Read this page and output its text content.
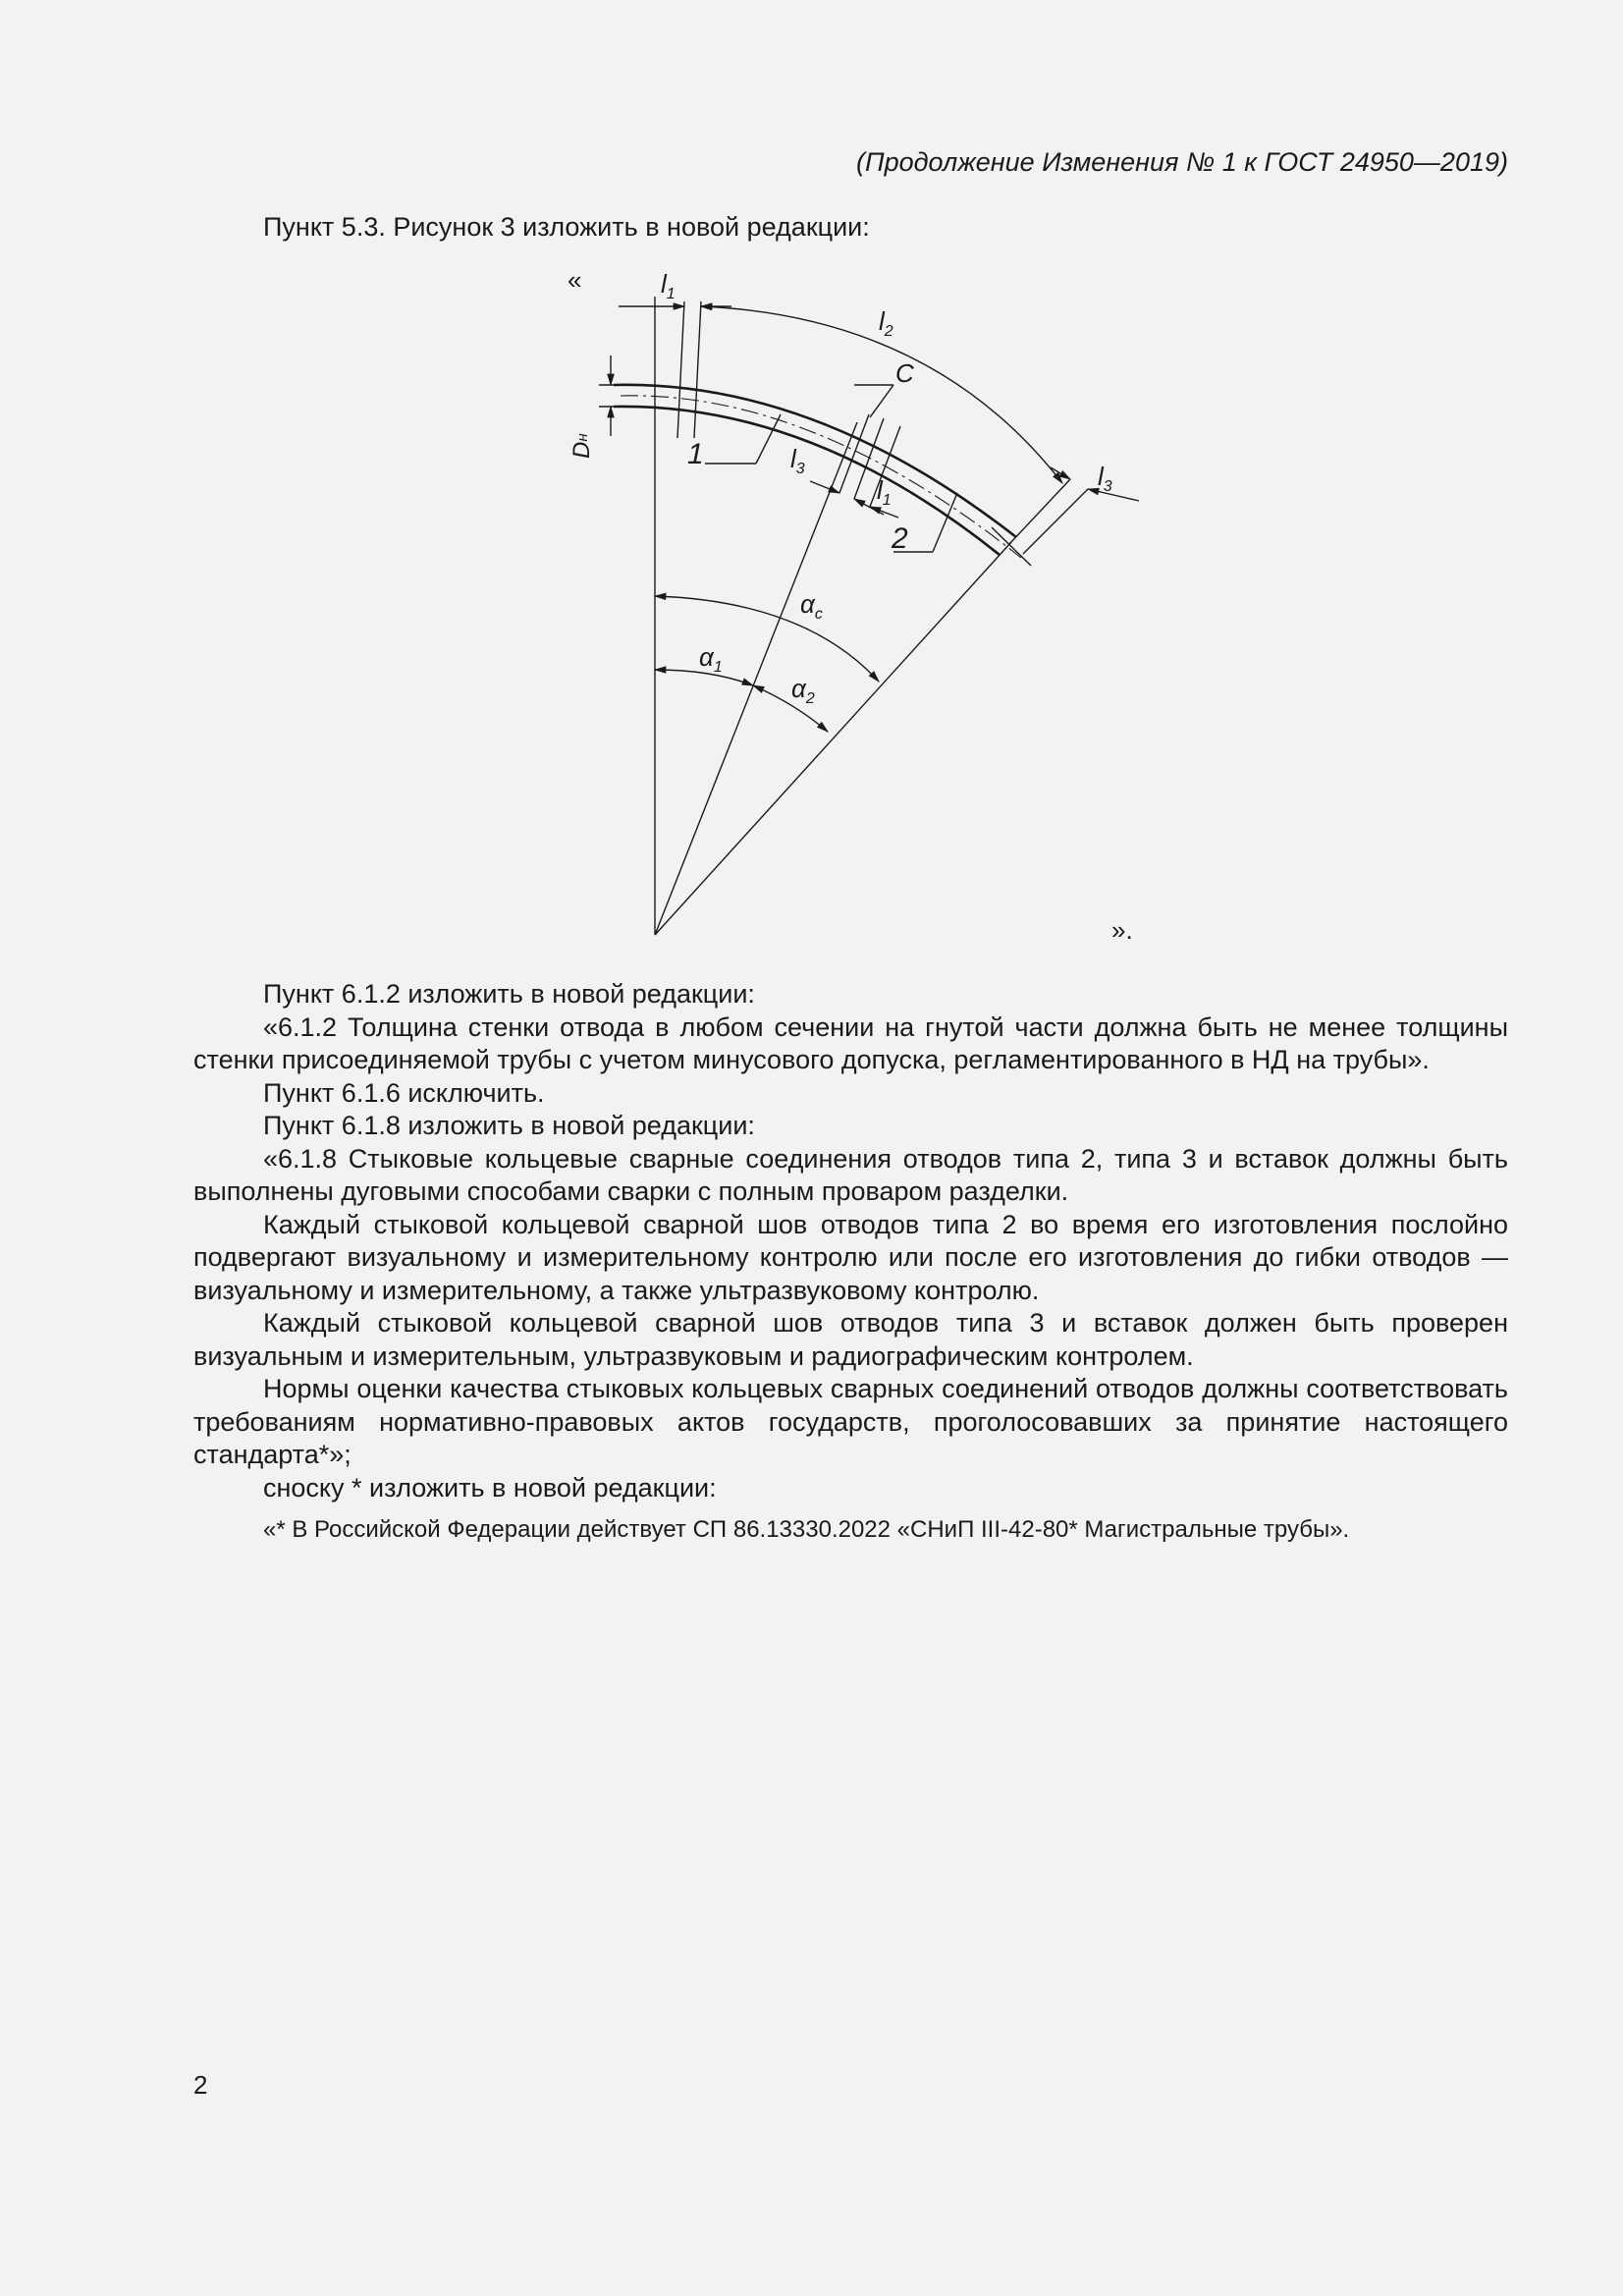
(Продолжение Изменения № 1 к ГОСТ 24950—2019)
Пункт 5.3. Рисунок 3 изложить в новой редакции:
«
».
$l_1$
$l_2$
C
Dн
1
2
$l_3$
$l_1$
$l_3$
$\alpha_c$
$\alpha_1$
$\alpha_2$

Пункт 6.1.2 изложить в новой редакции:

«6.1.2 Толщина стенки отвода в любом сечении на гнутой части должна быть не менее толщины стенки присоединяемой трубы с учетом минусового допуска, регламентированного в НД на трубы».

Пункт 6.1.6 исключить.

Пункт 6.1.8 изложить в новой редакции:

«6.1.8 Стыковые кольцевые сварные соединения отводов типа 2, типа 3 и вставок должны быть выполнены дуговыми способами сварки с полным проваром разделки.

Каждый стыковой кольцевой сварной шов отводов типа 2 во время его изготовления послойно подвергают визуальному и измерительному контролю или после его изготовления до гибки отводов — визуальному и измерительному, а также ультразвуковому контролю.

Каждый стыковой кольцевой сварной шов отводов типа 3 и вставок должен быть проверен визуальным и измерительным, ультразвуковым и радиографическим контролем.

Нормы оценки качества стыковых кольцевых сварных соединений отводов должны соответствовать требованиям нормативно-правовых актов государств, проголосовавших за принятие настоящего стандарта*»;

сноску * изложить в новой редакции:

«* В Российской Федерации действует СП 86.13330.2022 «СНиП III-42-80* Магистральные трубы».
2
